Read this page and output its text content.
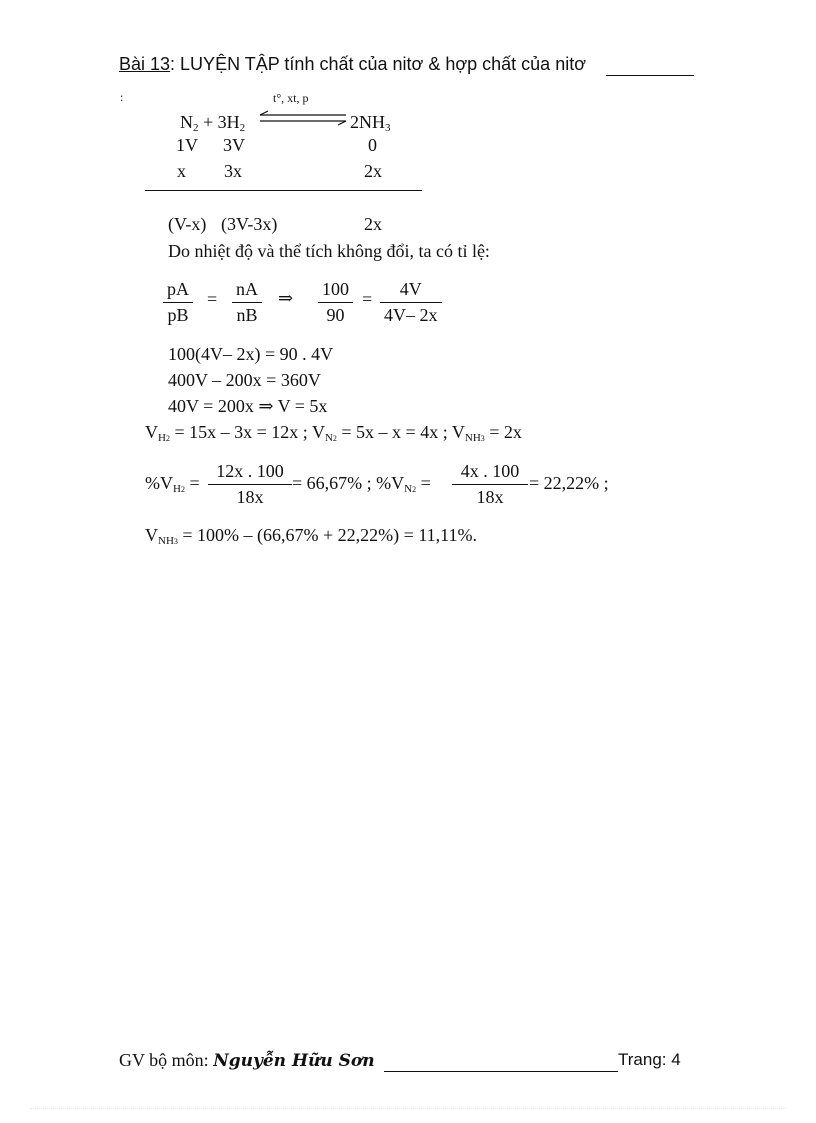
Bài 13: LUYỆN TẬP tính chất của nitơ & hợp chất của nitơ
:	t°, xt, p
$N_2 + 3H_2$	$2NH_3$
1V 3V	0
x 3x	2x
(V-x) (3V-3x)	2x
Do nhiệt độ và thể tích không đổi, ta có tỉ lệ:
pA
pB
= nA
nB
⇒ 100
90
= 4V
4V– 2x
100(4V– 2x) = 90 . 4V
400V – 200x = 360V
40V = 200x ⇒ V = 5x
$V_{H2} = 15x - 3x = 12x$ ; $V_{N2} = 5x - x = 4x$ ; $V_{NH3} = 2x$
$\%V_{H2}$ =
12x . 100
18x
= 66,67% ; $\%V_{N2}$ =
4x . 100
18x
= 22,22% ;
$V_{NH3} = 100\% - (66,67\% + 22,22\%) = 11,11\%$.
GV bộ môn: Nguyễn Hữu Sơn	Trang: 4
